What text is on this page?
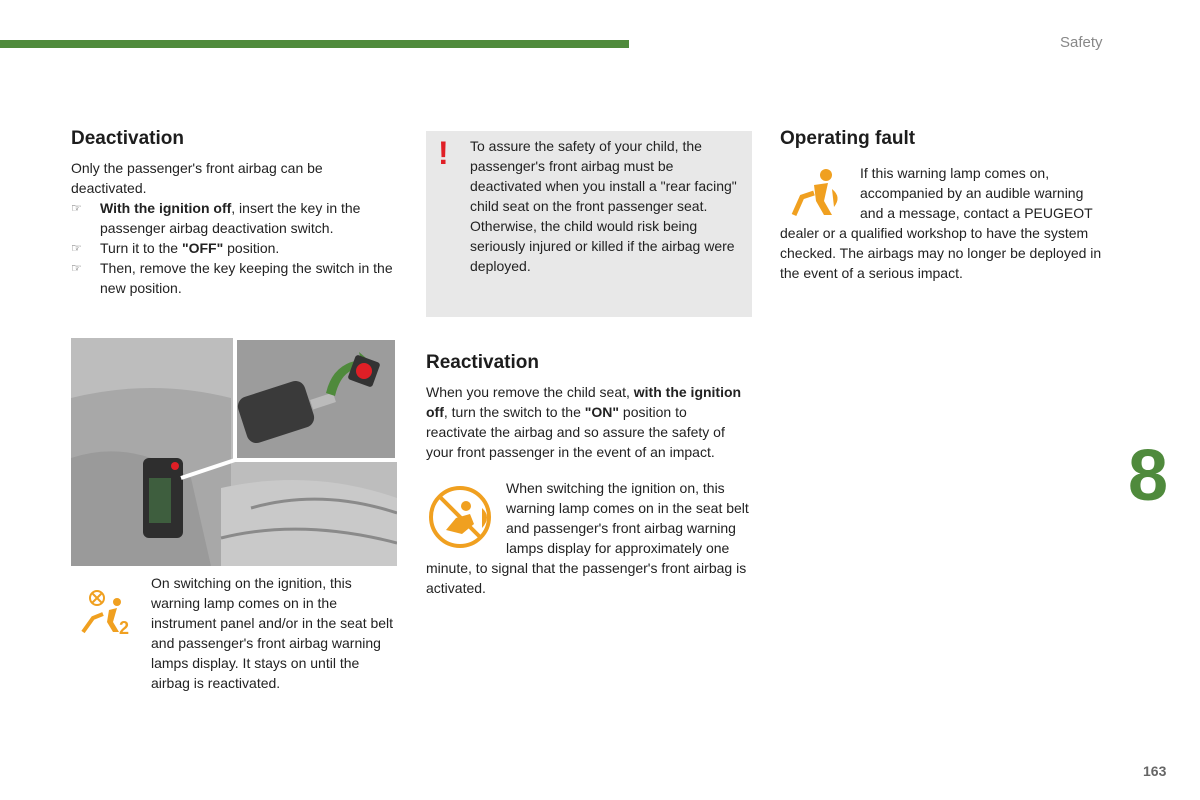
Safety
8
163
Deactivation

Only the passenger's front airbag can be deactivated.

☞	With the ignition off, insert the key in the passenger airbag deactivation switch.
☞	Turn it to the "OFF" position.
☞	Then, remove the key keeping the switch in the new position.
2
On switching on the ignition, this warning lamp comes on in the instrument panel and/or in the seat belt and passenger's front airbag warning lamps display. It stays on until the airbag is reactivated.
! To assure the safety of your child, the passenger's front airbag must be deactivated when you install a "rear facing" child seat on the front passenger seat.

Otherwise, the child would risk being seriously injured or killed if the airbag were deployed.

Reactivation

When you remove the child seat, with the ignition off, turn the switch to the "ON" position to reactivate the airbag and so assure the safety of your front passenger in the event of an impact.

When switching the ignition on, this warning lamp comes on in the seat belt and passenger's front airbag warning lamps display for approximately one minute, to signal that the passenger's front airbag is activated.
Operating fault
If this warning lamp comes on, accompanied by an audible warning and a message, contact a PEUGEOT dealer or a qualified workshop to have the system checked. The airbags may no longer be deployed in the event of a serious impact.
